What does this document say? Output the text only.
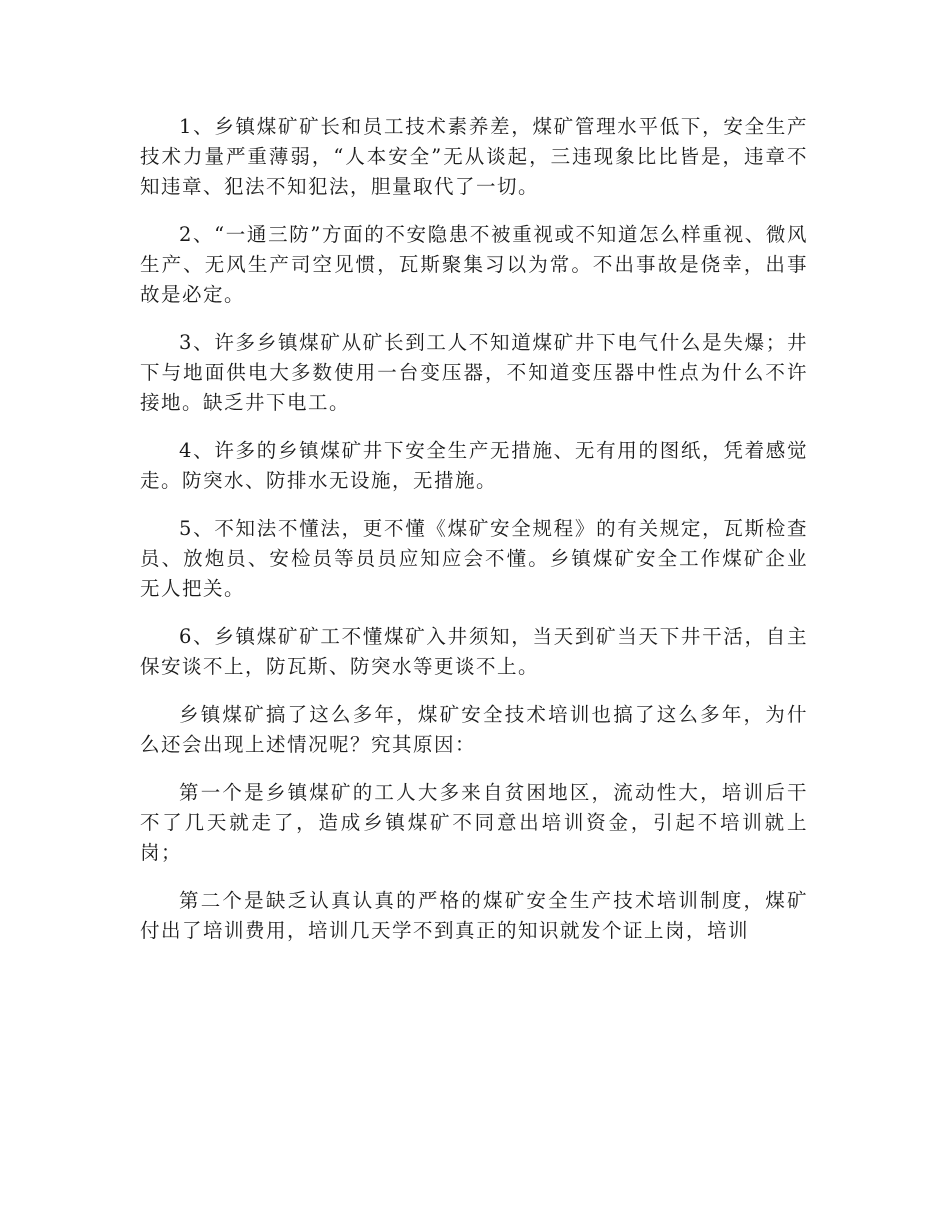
1、乡镇煤矿矿长和员工技术素养差，煤矿管理水平低下，安全生产技术力量严重薄弱，“人本安全”无从谈起，三违现象比比皆是，违章不知违章、犯法不知犯法，胆量取代了一切。

2、“一通三防”方面的不安隐患不被重视或不知道怎么样重视、微风生产、无风生产司空见惯，瓦斯聚集习以为常。不出事故是侥幸，出事故是必定。

3、许多乡镇煤矿从矿长到工人不知道煤矿井下电气什么是失爆；井下与地面供电大多数使用一台变压器，不知道变压器中性点为什么不许接地。缺乏井下电工。

4、许多的乡镇煤矿井下安全生产无措施、无有用的图纸，凭着感觉走。防突水、防排水无设施，无措施。

5、不知法不懂法，更不懂《煤矿安全规程》的有关规定，瓦斯检查员、放炮员、安检员等员员应知应会不懂。乡镇煤矿安全工作煤矿企业无人把关。

6、乡镇煤矿矿工不懂煤矿入井须知，当天到矿当天下井干活，自主保安谈不上，防瓦斯、防突水等更谈不上。

乡镇煤矿搞了这么多年，煤矿安全技术培训也搞了这么多年，为什么还会出现上述情况呢？究其原因：

第一个是乡镇煤矿的工人大多来自贫困地区，流动性大，培训后干不了几天就走了，造成乡镇煤矿不同意出培训资金，引起不培训就上岗；

第二个是缺乏认真认真的严格的煤矿安全生产技术培训制度，煤矿付出了培训费用，培训几天学不到真正的知识就发个证上岗，培训
